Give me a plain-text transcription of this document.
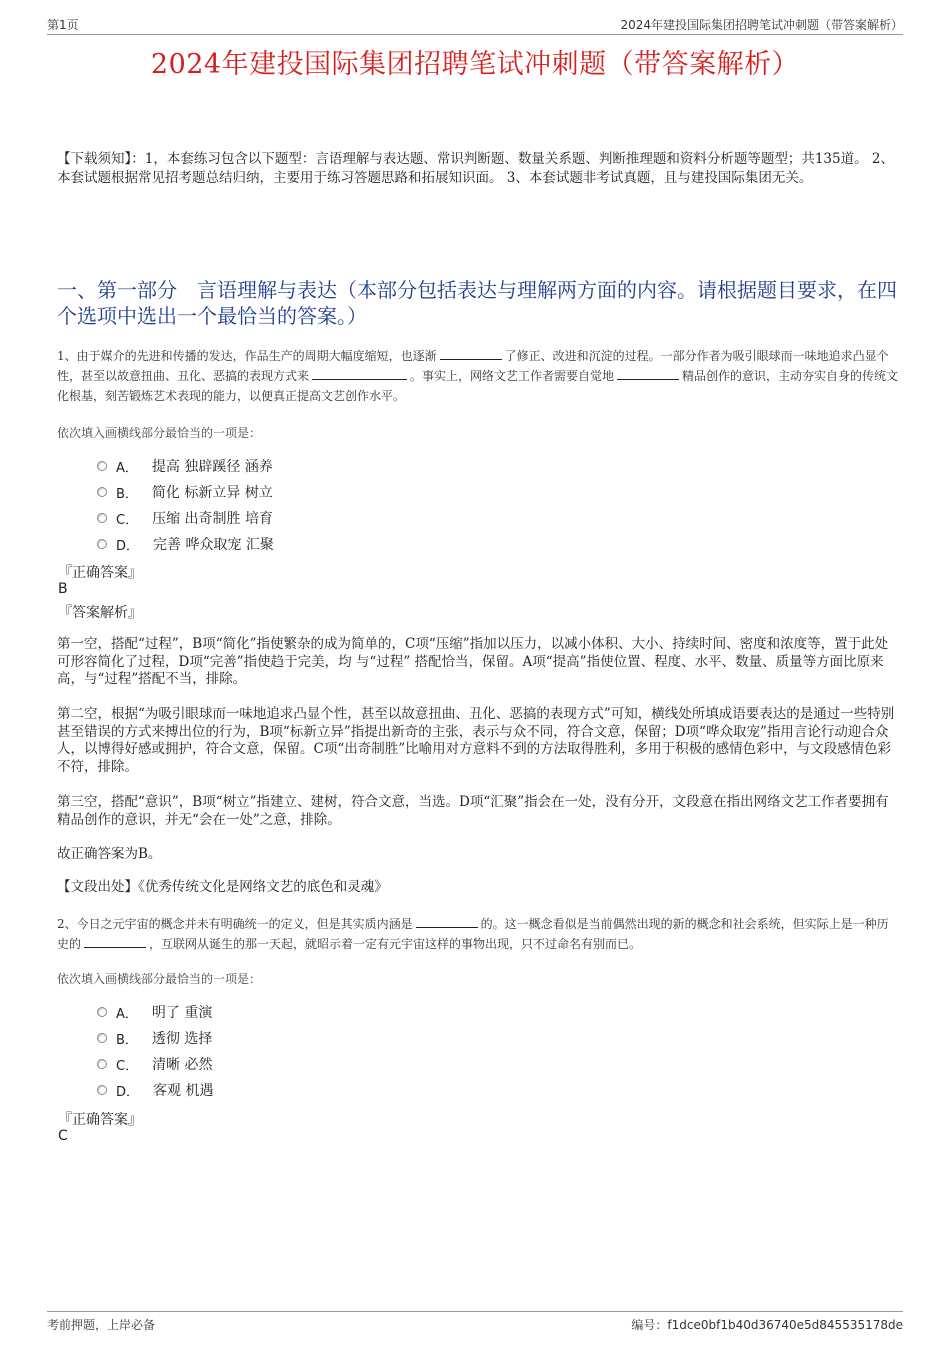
第1页	2024年建投国际集团招聘笔试冲刺题（带答案解析）
2024年建投国际集团招聘笔试冲刺题（带答案解析）
【下载须知】：1，本套练习包含以下题型：言语理解与表达题、常识判断题、数量关系题、判断推理题和资料分析题等题型；共135道。 2、本套试题根据常见招考题总结归纳，主要用于练习答题思路和拓展知识面。 3、本套试题非考试真题，且与建投国际集团无关。
一、第一部分　言语理解与表达（本部分包括表达与理解两方面的内容。请根据题目要求，在四个选项中选出一个最恰当的答案。）
1、由于媒介的先进和传播的发达，作品生产的周期大幅度缩短，也逐渐	了修正、改进和沉淀的过程。一部分作者为吸引眼球而一味地追求凸显个性，甚至以故意扭曲、丑化、恶搞的表现方式来	。事实上，网络文艺工作者需要自觉地	精品创作的意识，主动夯实自身的传统文化根基，刻苦锻炼艺术表现的能力，以便真正提高文艺创作水平。
依次填入画横线部分最恰当的一项是：
A． 提高 独辟蹊径 涵养
B． 简化 标新立异 树立
C． 压缩 出奇制胜 培育
D． 完善 哗众取宠 汇聚
『正确答案』
B
『答案解析』
第一空，搭配“过程”，B项“简化”指使繁杂的成为简单的，C项“压缩”指加以压力，以减小体积、大小、持续时间、密度和浓度等，置于此处可形容简化了过程，D项“完善”指使趋于完美，均 与“过程” 搭配恰当，保留。A项“提高”指使位置、程度、水平、数量、质量等方面比原来高，与“过程”搭配不当，排除。
第二空，根据“为吸引眼球而一味地追求凸显个性，甚至以故意扭曲、丑化、恶搞的表现方式”可知，横线处所填成语要表达的是通过一些特别甚至错误的方式来搏出位的行为，B项“标新立异”指提出新奇的主张，表示与众不同，符合文意，保留；D项“哗众取宠”指用言论行动迎合众人，以博得好感或拥护，符合文意，保留。C项“出奇制胜”比喻用对方意料不到的方法取得胜利，多用于积极的感情色彩中，与文段感情色彩不符，排除。
第三空，搭配“意识”，B项“树立”指建立、建树，符合文意，当选。D项“汇聚”指会在一处，没有分开，文段意在指出网络文艺工作者要拥有精品创作的意识，并无“会在一处”之意，排除。
故正确答案为B。
【文段出处】《优秀传统文化是网络文艺的底色和灵魂》
2、今日之元宇宙的概念并未有明确统一的定义，但是其实质内涵是	的。这一概念看似是当前偶然出现的新的概念和社会系统，但实际上是一种历史的	，互联网从诞生的那一天起，就昭示着一定有元宇宙这样的事物出现，只不过命名有别而已。
依次填入画横线部分最恰当的一项是：
A． 明了 重演
B． 透彻 选择
C． 清晰 必然
D． 客观 机遇
『正确答案』
C
考前押题，上岸必备	编号：f1dce0bf1b40d36740e5d845535178de
